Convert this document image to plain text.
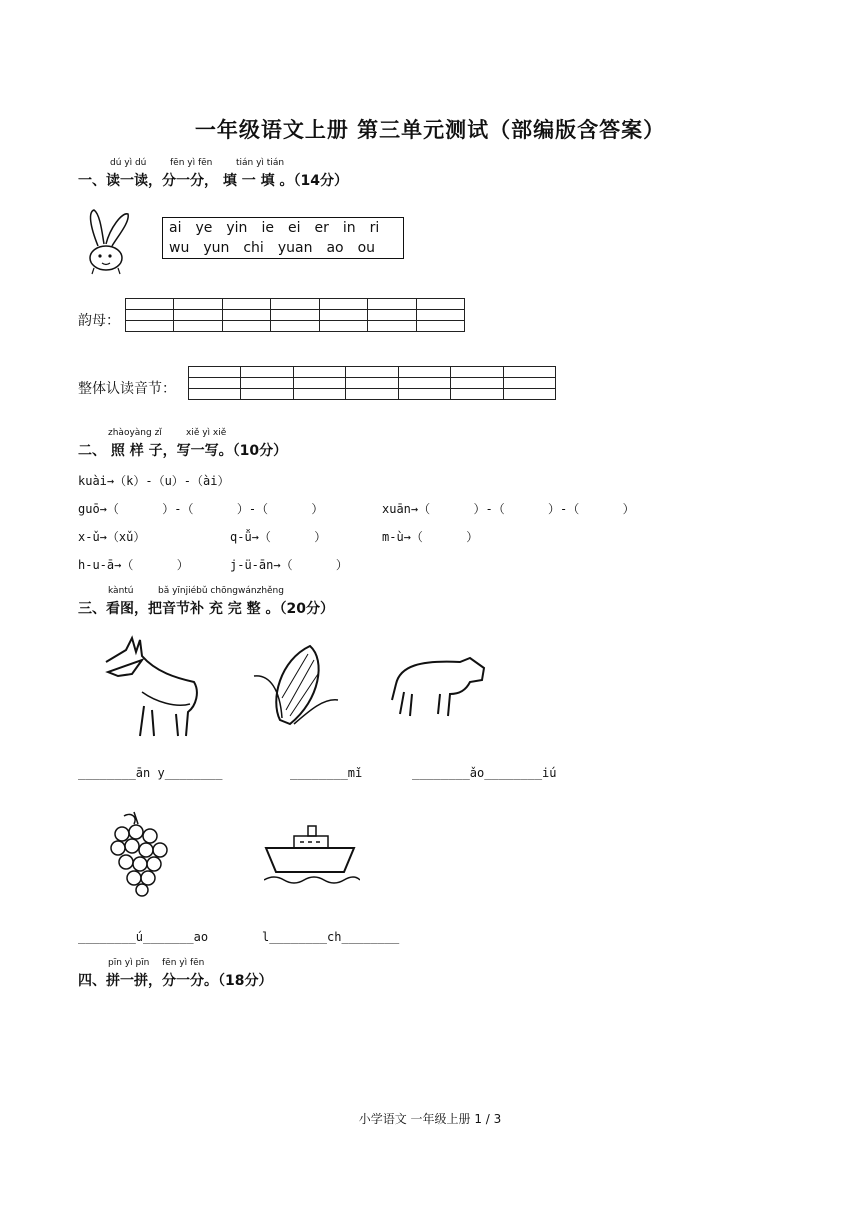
一年级语文上册 第三单元测试（部编版含答案）
dú yì dú	fēn yì fēn	tián yì tián
一、读一读，分一分， 填 一 填 。（14分）
ai ye yin ie ei er in ri
wu yun chi yuan ao ou
韵母：

整体认读音节：

zhàoyàng zǐ	xiě yì xiě
二、 照 样 子，写一写。（10分）
kuài→（k）-（u）-（ài）
guō→（      ）-（      ）-（      ）	xuān→（      ）-（      ）-（      ）
x-ǔ→（xǔ）	q-ǚ→（      ）	m-ù→（      ）
h-u-ā→（      ）	j-ü-ān→（      ）
kàntú	bǎ yīnjiébǔ chōngwánzhěng
三、看图，把音节补 充 完 整 。（20分）
________ān y________	________mǐ	________ǎo________iú
________ú_______ao	l________ch________
pīn yì pīn fēn yì fēn
四、拼一拼，分一分。（18分）
小学语文 一年级上册 1 / 3
